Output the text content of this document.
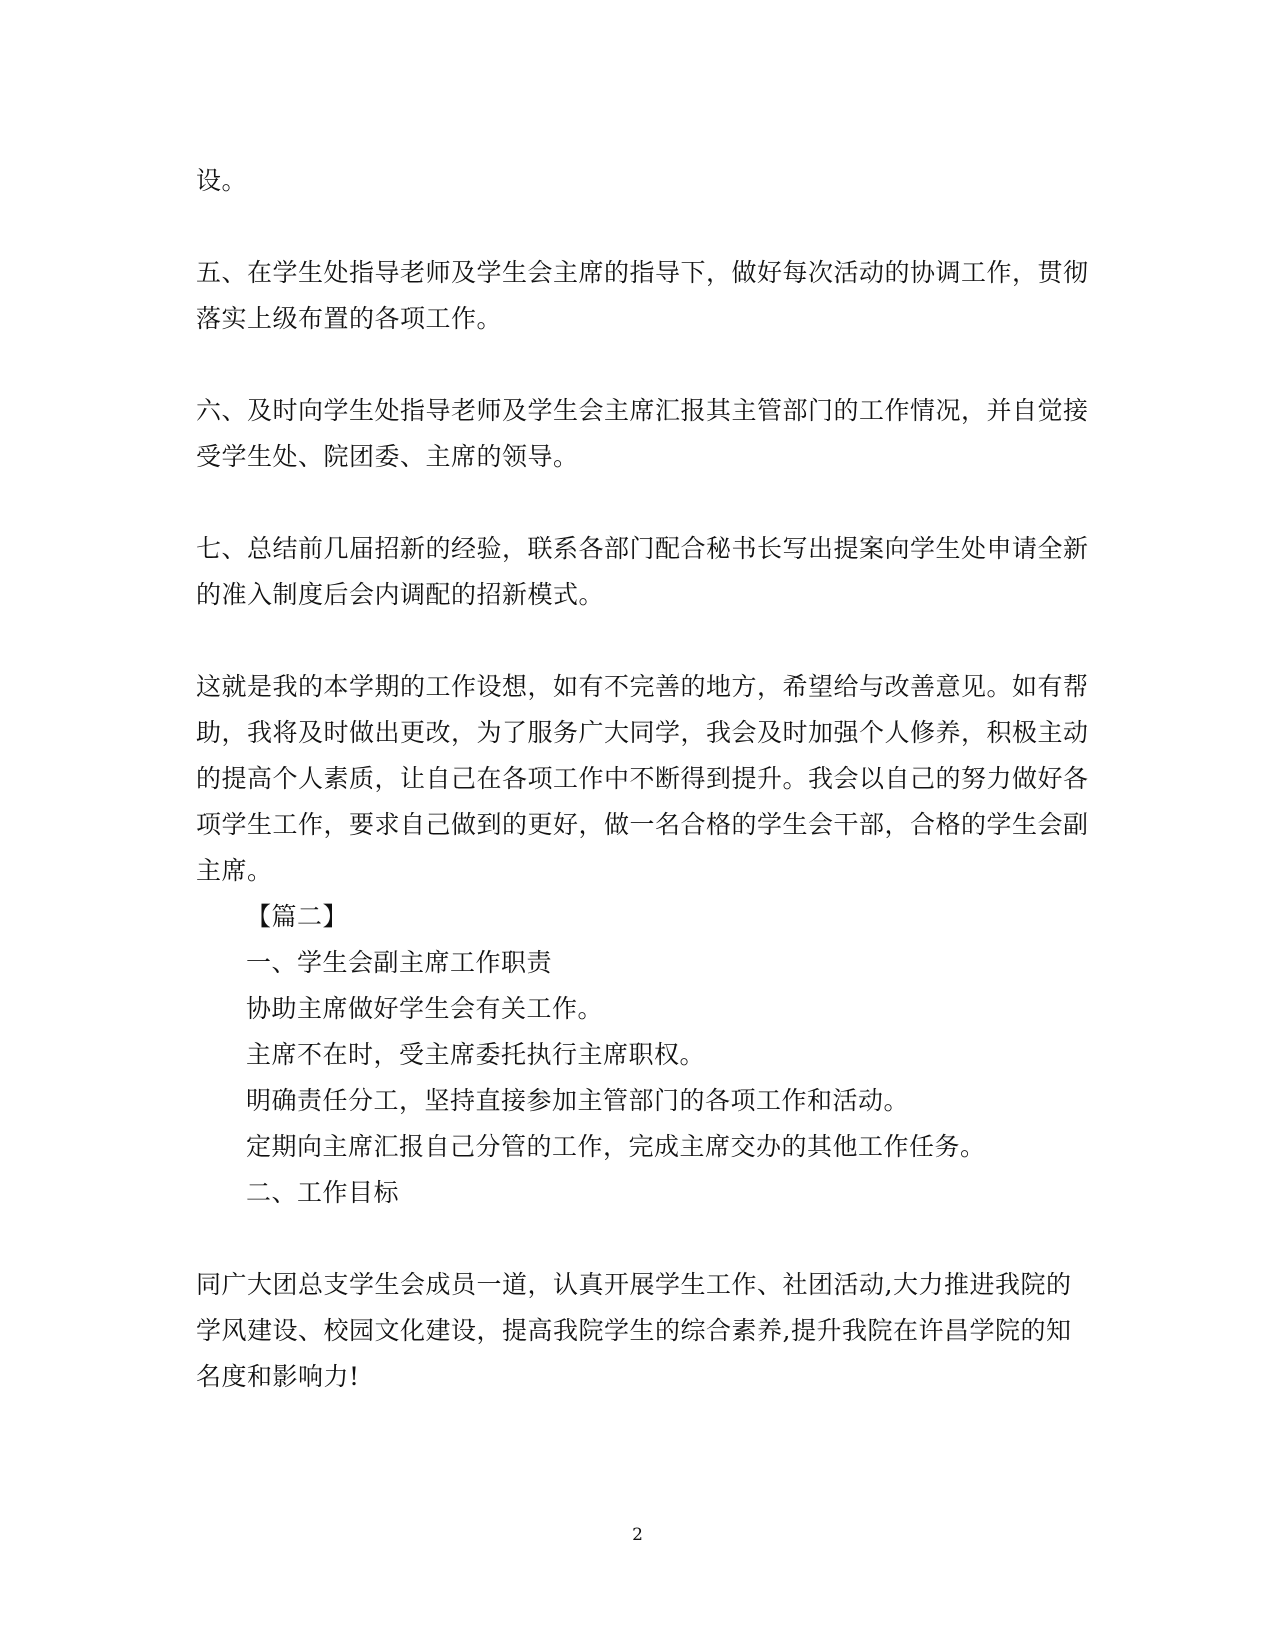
设。
五、在学生处指导老师及学生会主席的指导下，做好每次活动的协调工作，贯彻
落实上级布置的各项工作。
六、及时向学生处指导老师及学生会主席汇报其主管部门的工作情况，并自觉接
受学生处、院团委、主席的领导。
七、总结前几届招新的经验，联系各部门配合秘书长写出提案向学生处申请全新
的准入制度后会内调配的招新模式。
这就是我的本学期的工作设想，如有不完善的地方，希望给与改善意见。如有帮
助，我将及时做出更改，为了服务广大同学，我会及时加强个人修养，积极主动
的提高个人素质，让自己在各项工作中不断得到提升。我会以自己的努力做好各
项学生工作，要求自己做到的更好，做一名合格的学生会干部，合格的学生会副
主席。
【篇二】
一、学生会副主席工作职责
协助主席做好学生会有关工作。
主席不在时，受主席委托执行主席职权。
明确责任分工，坚持直接参加主管部门的各项工作和活动。
定期向主席汇报自己分管的工作，完成主席交办的其他工作任务。
二、工作目标
同广大团总支学生会成员一道，认真开展学生工作、社团活动,大力推进我院的
学风建设、校园文化建设，提高我院学生的综合素养,提升我院在许昌学院的知
名度和影响力!
2
